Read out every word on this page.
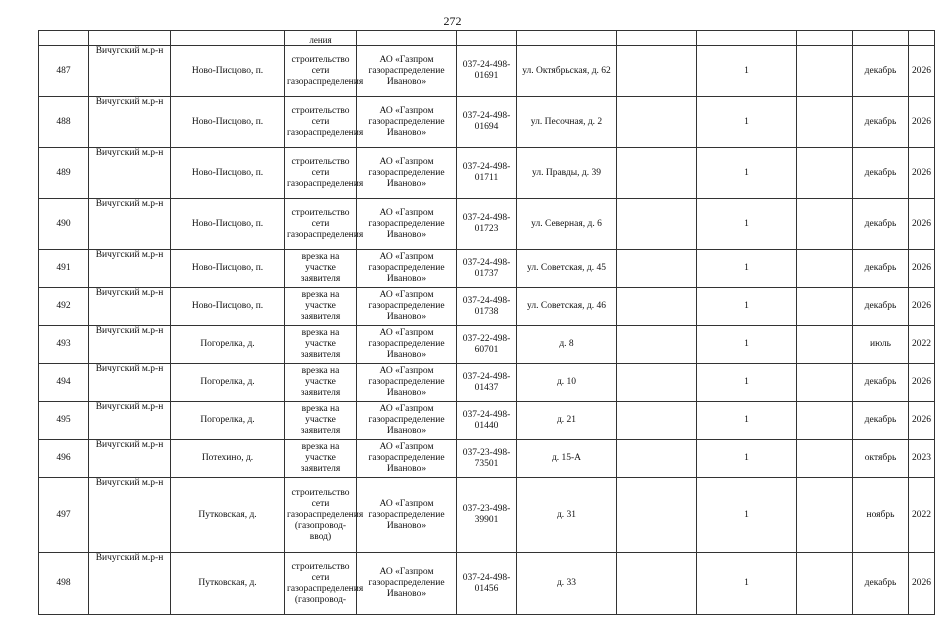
272
			ления								
487	Вичугский м.р-н	Ново-Писцово, п.	строительство сети газораспределения	АО «Газпром газораспределение Иваново»	037-24-498-01691	ул. Октябрьская, д. 62		1		декабрь	2026
488	Вичугский м.р-н	Ново-Писцово, п.	строительство сети газораспределения	АО «Газпром газораспределение Иваново»	037-24-498-01694	ул. Песочная, д. 2		1		декабрь	2026
489	Вичугский м.р-н	Ново-Писцово, п.	строительство сети газораспределения	АО «Газпром газораспределение Иваново»	037-24-498-01711	ул. Правды, д. 39		1		декабрь	2026
490	Вичугский м.р-н	Ново-Писцово, п.	строительство сети газораспределения	АО «Газпром газораспределение Иваново»	037-24-498-01723	ул. Северная, д. 6		1		декабрь	2026
491	Вичугский м.р-н	Ново-Писцово, п.	врезка на участке заявителя	АО «Газпром газораспределение Иваново»	037-24-498-01737	ул. Советская, д. 45		1		декабрь	2026
492	Вичугский м.р-н	Ново-Писцово, п.	врезка на участке заявителя	АО «Газпром газораспределение Иваново»	037-24-498-01738	ул. Советская, д. 46		1		декабрь	2026
493	Вичугский м.р-н	Погорелка, д.	врезка на участке заявителя	АО «Газпром газораспределение Иваново»	037-22-498-60701	д. 8		1		июль	2022
494	Вичугский м.р-н	Погорелка, д.	врезка на участке заявителя	АО «Газпром газораспределение Иваново»	037-24-498-01437	д. 10		1		декабрь	2026
495	Вичугский м.р-н	Погорелка, д.	врезка на участке заявителя	АО «Газпром газораспределение Иваново»	037-24-498-01440	д. 21		1		декабрь	2026
496	Вичугский м.р-н	Потехино, д.	врезка на участке заявителя	АО «Газпром газораспределение Иваново»	037-23-498-73501	д. 15-А		1		октябрь	2023
497	Вичугский м.р-н	Путковская, д.	строительство сети газораспределения (газопровод-ввод)	АО «Газпром газораспределение Иваново»	037-23-498-39901	д. 31		1		ноябрь	2022
498	Вичугский м.р-н	Путковская, д.	строительство сети газораспределения (газопровод-	АО «Газпром газораспределение Иваново»	037-24-498-01456	д. 33		1		декабрь	2026
